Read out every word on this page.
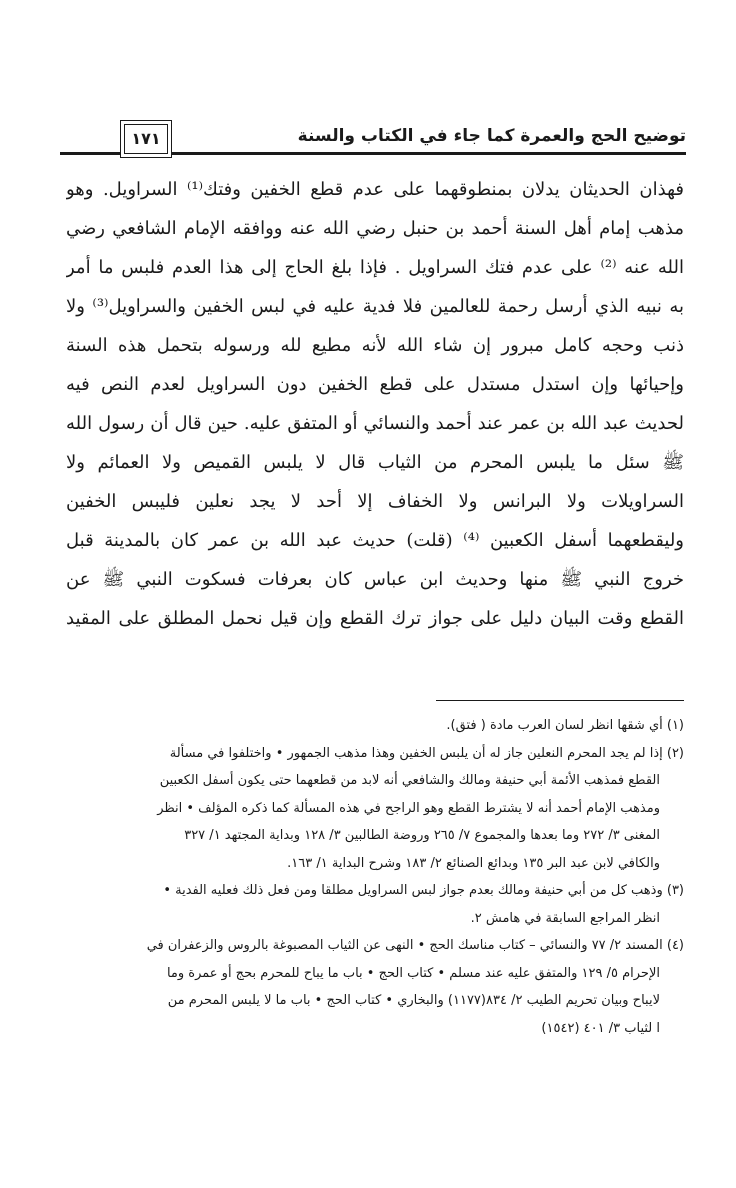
توضيح الحج والعمرة كما جاء في الكتاب والسنة
١٧١
فهذان الحديثان يدلان بمنطوقهما على عدم قطع الخفين وفتك⁽¹⁾ السراويل. وهو
مذهب إمام أهل السنة أحمد بن حنبل رضي الله عنه ووافقه الإمام الشافعي رضي
الله عنه ⁽²⁾ على عدم فتك السراويل . فإذا بلغ الحاج إلى هذا العدم فلبس ما أمر
به نبيه الذي أرسل رحمة للعالمين فلا فدية عليه في لبس الخفين والسراويل⁽³⁾ ولا
ذنب وحجه كامل مبرور إن شاء الله لأنه مطيع لله ورسوله بتحمل هذه السنة
وإحيائها وإن استدل مستدل على قطع الخفين دون السراويل لعدم النص فيه
لحديث عبد الله بن عمر عند أحمد والنسائي أو المتفق عليه. حين قال أن رسول الله
ﷺ سئل ما يلبس المحرم من الثياب قال لا يلبس القميص ولا العمائم ولا
السراويلات ولا البرانس ولا الخفاف إلا أحد لا يجد نعلين فليبس الخفين
وليقطعهما أسفل الكعبين ⁽⁴⁾ (قلت) حديث عبد الله بن عمر كان بالمدينة قبل
خروج النبي ﷺ منها وحديث ابن عباس كان بعرفات فسكوت النبي ﷺ عن
القطع وقت البيان دليل على جواز ترك القطع وإن قيل نحمل المطلق على المقيد
(١) أي شقها انظر لسان العرب مادة ( فتق).
(٢) إذا لم يجد المحرم النعلين جاز له أن يلبس الخفين وهذا مذهب الجمهور • واختلفوا في مسألة
القطع فمذهب الأئمة أبي حنيفة ومالك والشافعي أنه لابد من قطعهما حتى يكون أسفل الكعبين
ومذهب الإمام أحمد أنه لا يشترط القطع وهو الراجح في هذه المسألة كما ذكره المؤلف • انظر
المغنى ٣/ ٢٧٢ وما بعدها والمجموع ٧/ ٢٦٥ وروضة الطالبين ٣/ ١٢٨ وبداية المجتهد ١/ ٣٢٧
والكافي لابن عبد البر ١٣٥ وبدائع الصنائع ٢/ ١٨٣ وشرح البداية ١/ ١٦٣.
(٣) وذهب كل من أبي حنيفة ومالك بعدم جواز لبس السراويل مطلقا ومن فعل ذلك فعليه الفدية •
انظر المراجع السابقة في هامش ٢.
(٤) المسند ٢/ ٧٧ والنسائي – كتاب مناسك الحج • النهى عن الثياب المصبوغة بالروس والزعفران في
الإحرام ٥/ ١٢٩ والمتفق عليه عند مسلم • كتاب الحج • باب ما يباح للمحرم بحج أو عمرة وما
لايباح وبيان تحريم الطيب ٢/ ٨٣٤(١١٧٧) والبخاري • كتاب الحج • باب ما لا يلبس المحرم من
ا لثياب ٣/ ٤٠١ (١٥٤٢)
